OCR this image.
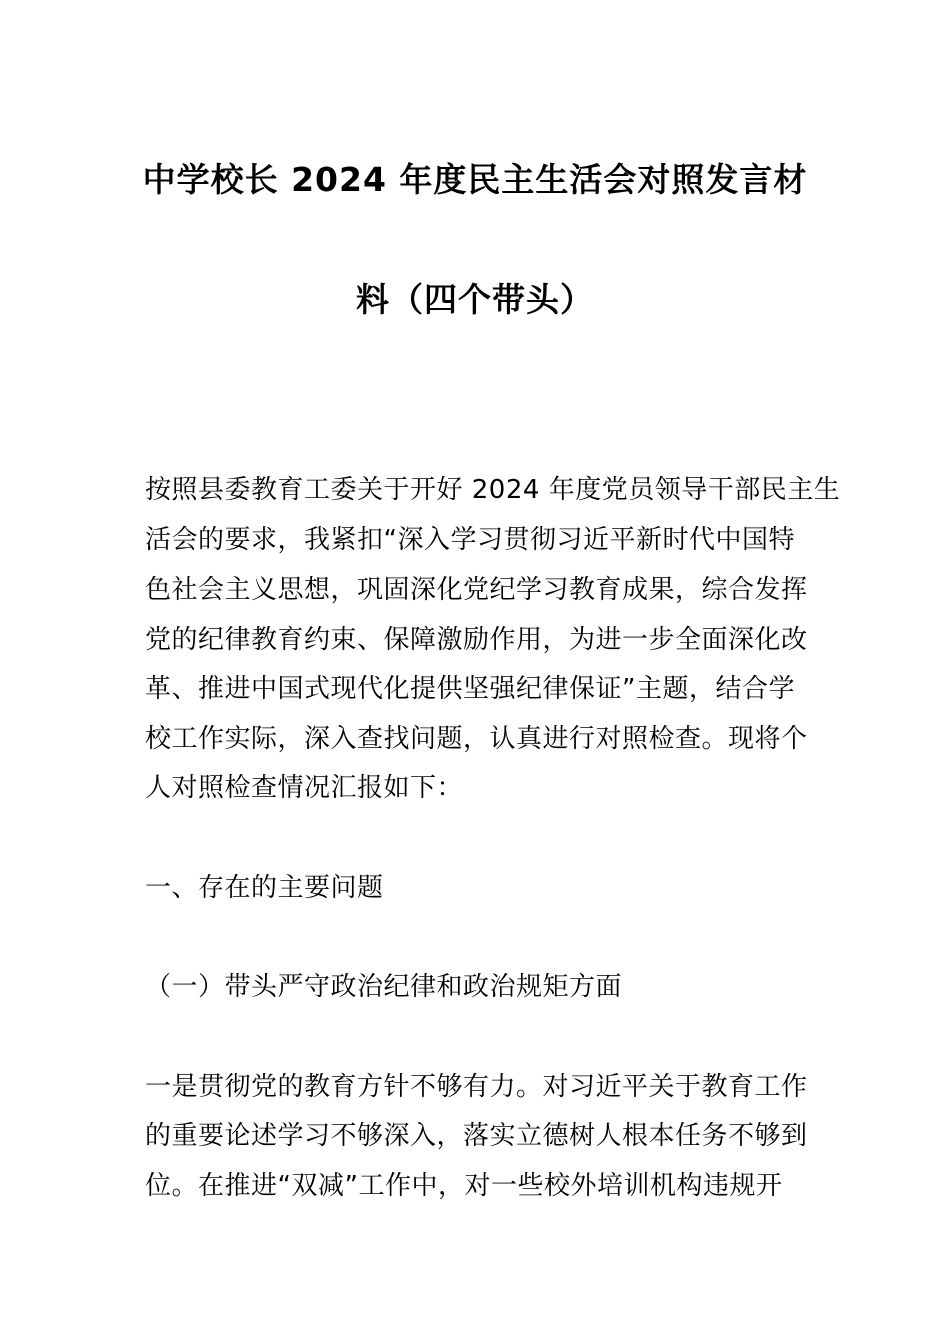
中学校长 2024 年度民主生活会对照发言材
料（四个带头）
按照县委教育工委关于开好 2024 年度党员领导干部民主生
活会的要求，我紧扣“深入学习贯彻习近平新时代中国特
色社会主义思想，巩固深化党纪学习教育成果，综合发挥
党的纪律教育约束、保障激励作用，为进一步全面深化改
革、推进中国式现代化提供坚强纪律保证”主题，结合学
校工作实际，深入查找问题，认真进行对照检查。现将个
人对照检查情况汇报如下：
一、存在的主要问题
（一）带头严守政治纪律和政治规矩方面
一是贯彻党的教育方针不够有力。对习近平关于教育工作
的重要论述学习不够深入，落实立德树人根本任务不够到
位。在推进“双减”工作中，对一些校外培训机构违规开
